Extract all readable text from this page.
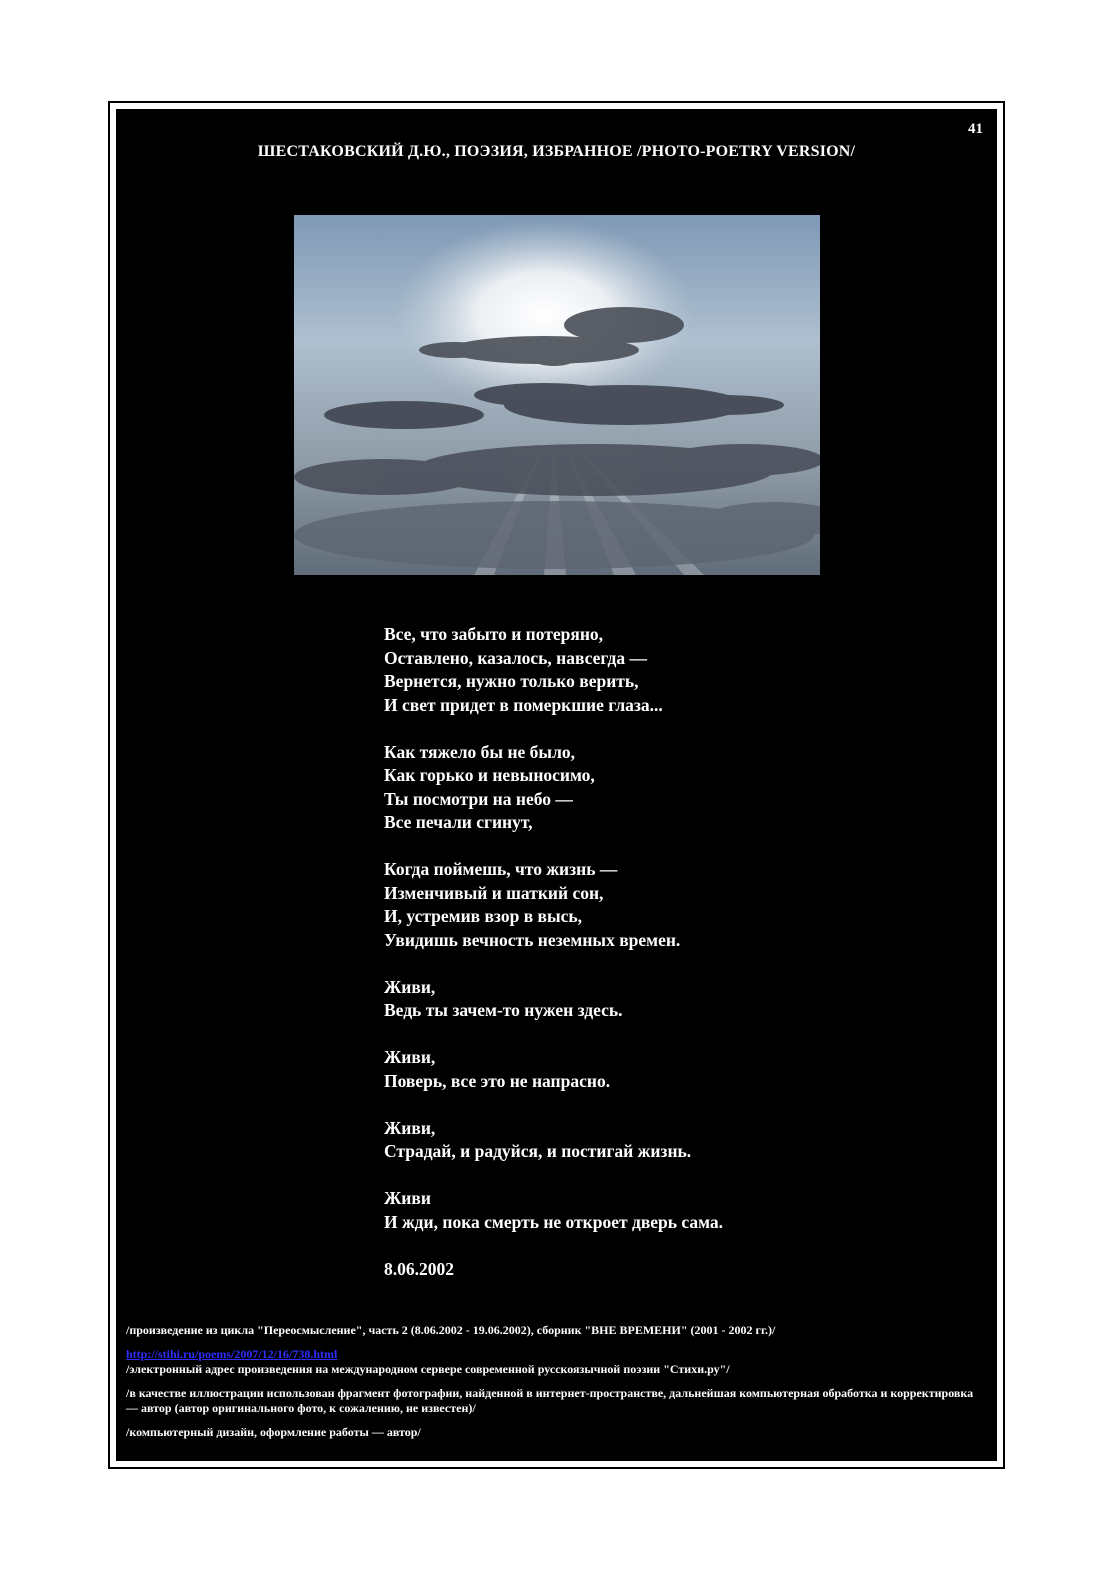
41
ШЕСТАКОВСКИЙ Д.Ю., ПОЭЗИЯ, ИЗБРАННОЕ /PHOTO-POETRY VERSION/
Все, что забыто и потеряно,
Оставлено, казалось, навсегда —
Вернется, нужно только верить,
И свет придет в померкшие глаза...
Как тяжело бы не было,
Как горько и невыносимо,
Ты посмотри на небо —
Все печали сгинут,
Когда поймешь, что жизнь —
Изменчивый и шаткий сон,
И, устремив взор в высь,
Увидишь вечность неземных времен.
Живи,
Ведь ты зачем-то нужен здесь.
Живи,
Поверь, все это не напрасно.
Живи,
Страдай, и радуйся, и постигай жизнь.
Живи
И жди, пока смерть не откроет дверь сама.
8.06.2002

/произведение из цикла "Переосмысление", часть 2 (8.06.2002 - 19.06.2002), сборник "ВНЕ ВРЕМЕНИ" (2001 - 2002 гг.)/

http://stihi.ru/poems/2007/12/16/738.html
/электронный адрес произведения на международном сервере современной русскоязычной поэзии "Стихи.ру"/

/в качестве иллюстрации использован фрагмент фотографии, найденной в интернет-пространстве, дальнейшая компьютерная обработка и корректировка — автор (автор оригинального фото, к сожалению, не известен)/

/компьютерный дизайн, оформление работы — автор/
